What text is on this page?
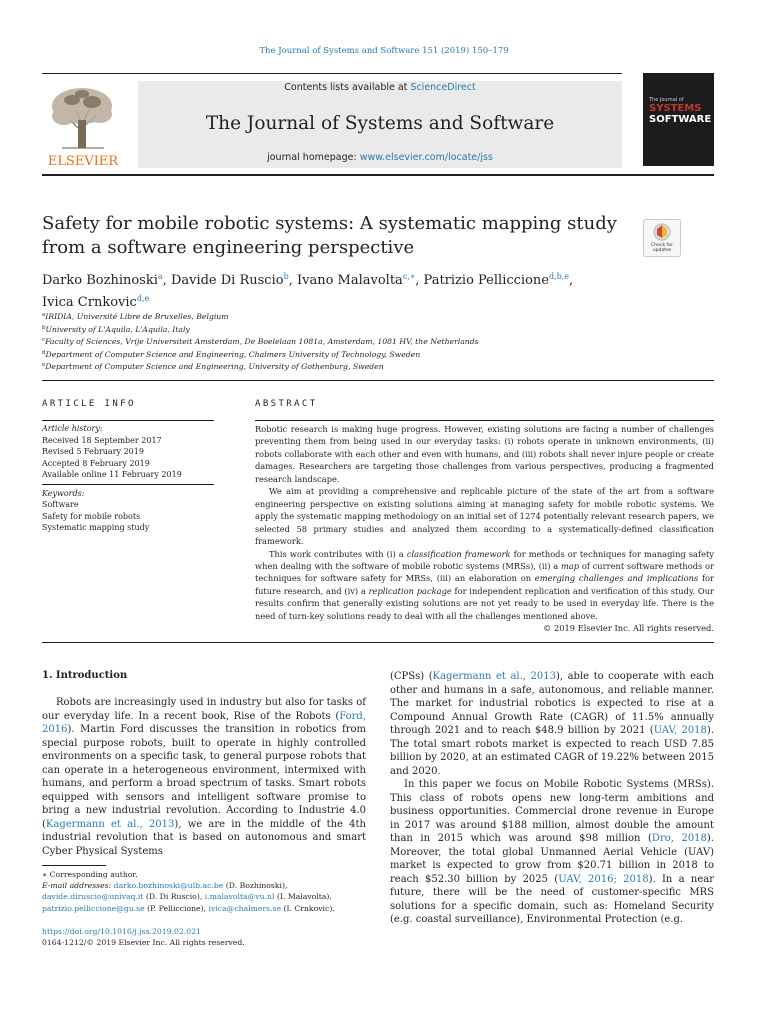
The Journal of Systems and Software 151 (2019) 150–179
ELSEVIER
Contents lists available at ScienceDirect
The Journal of Systems and Software
journal homepage: www.elsevier.com/locate/jss
The Journal of
SYSTEMS
SOFTWARE
Safety for mobile robotic systems: A systematic mapping study from a software engineering perspective	Check for
updates
Darko Bozhinoski$^a$, Davide Di Ruscio$^b$, Ivano Malavolta$^{c,∗}$, Patrizio Pelliccione$^{d,b,e}$,
Ivica Crnkovic$^{d,e}$
$^a$IRIDIA, Université Libre de Bruxelles, Belgium
$^b$University of L'Aquila, L'Aquila, Italy
$^c$Faculty of Sciences, Vrije Universiteit Amsterdam, De Boelelaan 1081a, Amsterdam, 1081 HV, the Netherlands
$^d$Department of Computer Science and Engineering, Chalmers University of Technology, Sweden
$^e$Department of Computer Science and Engineering, University of Gothenburg, Sweden
ARTICLE INFO
Article history:
Received 18 September 2017
Revised 5 February 2019
Accepted 8 February 2019
Available online 11 February 2019
Keywords:
Software
Safety for mobile robots
Systematic mapping study
ABSTRACT

Robotic research is making huge progress. However, existing solutions are facing a number of challenges preventing them from being used in our everyday tasks: (i) robots operate in unknown environments, (ii) robots collaborate with each other and even with humans, and (iii) robots shall never injure people or create damages. Researchers are targeting those challenges from various perspectives, producing a fragmented research landscape.

We aim at providing a comprehensive and replicable picture of the state of the art from a software engineering perspective on existing solutions aiming at managing safety for mobile robotic systems. We apply the systematic mapping methodology on an initial set of 1274 potentially relevant research papers, we selected 58 primary studies and analyzed them according to a systematically-defined classification framework.

This work contributes with (i) a classification framework for methods or techniques for managing safety when dealing with the software of mobile robotic systems (MRSs), (ii) a map of current software methods or techniques for software safety for MRSs, (iii) an elaboration on emerging challenges and implications for future research, and (iv) a replication package for independent replication and verification of this study. Our results confirm that generally existing solutions are not yet ready to be used in everyday life. There is the need of turn-key solutions ready to deal with all the challenges mentioned above.

© 2019 Elsevier Inc. All rights reserved.
1. Introduction

Robots are increasingly used in industry but also for tasks of our everyday life. In a recent book, Rise of the Robots (Ford, 2016). Martin Ford discusses the transition in robotics from special purpose robots, built to operate in highly controlled environments on a specific task, to general purpose robots that can operate in a heterogeneous environment, intermixed with humans, and perform a broad spectrum of tasks. Smart robots equipped with sensors and intelligent software promise to bring a new industrial revolution. According to Industrie 4.0 (Kagermann et al., 2013), we are in the middle of the 4th industrial revolution that is based on autonomous and smart Cyber Physical Systems

(CPSs) (Kagermann et al., 2013), able to cooperate with each other and humans in a safe, autonomous, and reliable manner. The market for industrial robotics is expected to rise at a Compound Annual Growth Rate (CAGR) of 11.5% annually through 2021 and to reach $48.9 billion by 2021 (UAV, 2018). The total smart robots market is expected to reach USD 7.85 billion by 2020, at an estimated CAGR of 19.22% between 2015 and 2020.

In this paper we focus on Mobile Robotic Systems (MRSs). This class of robots opens new long-term ambitions and business opportunities. Commercial drone revenue in Europe in 2017 was around $188 million, almost double the amount than in 2015 which was around $98 million (Dro, 2018). Moreover, the total global Unmanned Aerial Vehicle (UAV) market is expected to grow from $20.71 billion in 2018 to reach $52.30 billion by 2025 (UAV, 2016; 2018). In a near future, there will be the need of customer-specific MRS solutions for a specific domain, such as: Homeland Security (e.g. coastal surveillance), Environmental Protection (e.g.

∗ Corresponding author.
E-mail addresses: darko.bozhinoski@ulb.ac.be (D. Bozhinoski),
davide.diruscio@univaq.it (D. Di Ruscio), i.malavolta@vu.nl (I. Malavolta),
patrizio.pelliccione@gu.se (P. Pelliccione), ivica@chalmers.se (I. Crnkovic).
https://doi.org/10.1016/j.jss.2019.02.021
0164-1212/© 2019 Elsevier Inc. All rights reserved.
